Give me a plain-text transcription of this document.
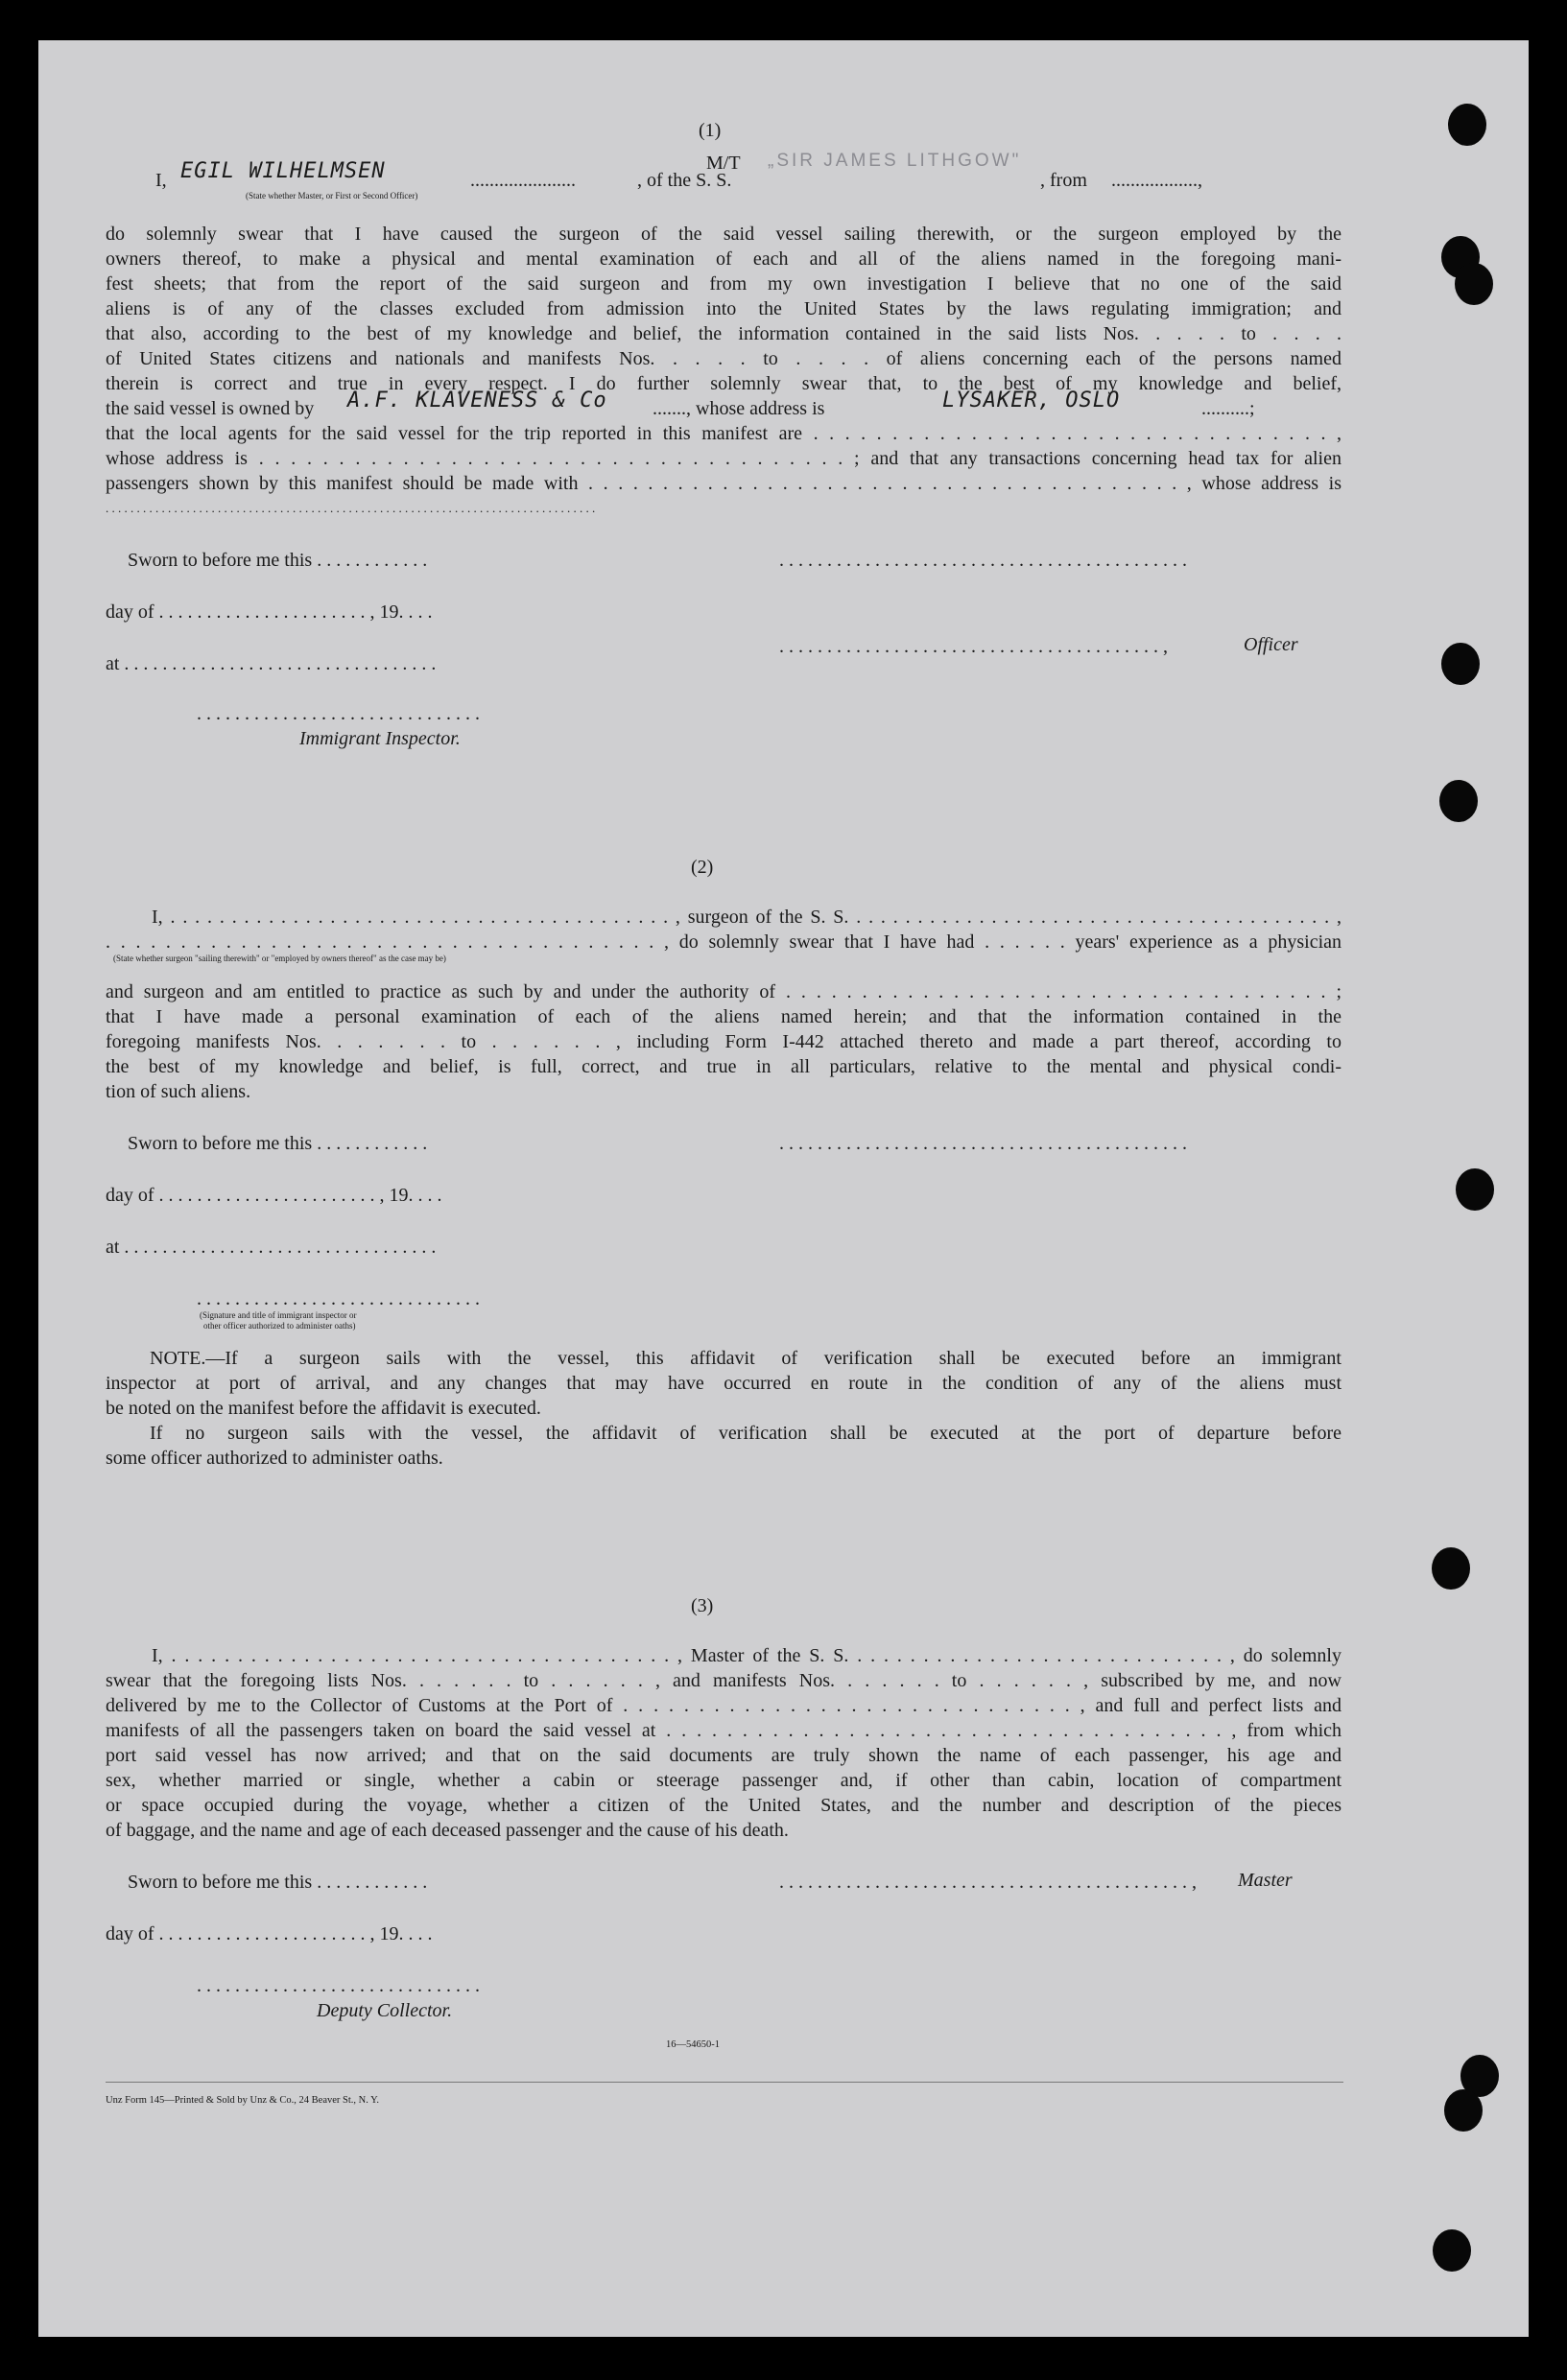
(1)
I, EGIL WILHELMSEN	......................
M/T
, of the S. S.
„SIR JAMES LITHGOW"
, from ..................,
(State whether Master, or First or Second Officer)
do solemnly swear that I have caused the surgeon of the said vessel sailing therewith, or the surgeon employed by the
owners thereof, to make a physical and mental examination of each and all of the aliens named in the foregoing mani-
fest sheets; that from the report of the said surgeon and from my own investigation I believe that no one of the said
aliens is of any of the classes excluded from admission into the United States by the laws regulating immigration; and
that also, according to the best of my knowledge and belief, the information contained in the said lists Nos. . . . . to . . . .
of United States citizens and nationals and manifests Nos. . . . . to . . . . of aliens concerning each of the persons named
therein is correct and true in every respect. I do further solemnly swear that, to the best of my knowledge and belief,
the said vessel is owned by A.F. KLAVENESS & Co ......., whose address is	LYSAKER, OSLO	..........;
that the local agents for the said vessel for the trip reported in this manifest are . . . . . . . . . . . . . . . . . . . . . . . . . . . . . . . . . ,
whose address is . . . . . . . . . . . . . . . . . . . . . . . . . . . . . . . . . . . . . ; and that any transactions concerning head tax for alien
passengers shown by this manifest should be made with . . . . . . . . . . . . . . . . . . . . . . . . . . . . . . . . . . . . . . . . , whose address is
. . . . . . . . . . . . . . . . . . . . . . . . . . . . . . . . . . . . . . . . . . . . . . . . . . . . . . . . . . . . . . . . . . . . . . . . . . . . . . .
Sworn to before me this . . . . . . . . . . . .	. . . . . . . . . . . . . . . . . . . . . . . . . . . . . . . . . . . . . . . . . . .
day of . . . . . . . . . . . . . . . . . . . . . . , 19. . . .
. . . . . . . . . . . . . . . . . . . . . . . . . . . . . . . . . . . . . . . . ,	Officer
at . . . . . . . . . . . . . . . . . . . . . . . . . . . . . . . . .
. . . . . . . . . . . . . . . . . . . . . . . . . . . . . .
Immigrant Inspector.
(2)
I, . . . . . . . . . . . . . . . . . . . . . . . . . . . . . . . . . . . . . . . . . , surgeon of the S. S. . . . . . . . . . . . . . . . . . . . . . . . . . . . . . . . . . . . . . . . ,
. . . . . . . . . . . . . . . . . . . . . . . . . . . . . . . . . . . . . , do solemnly swear that I have had . . . . . . years' experience as a physician
(State whether surgeon "sailing therewith" or "employed by owners thereof" as the case may be)
and surgeon and am entitled to practice as such by and under the authority of . . . . . . . . . . . . . . . . . . . . . . . . . . . . . . . . . . . . ;
that I have made a personal examination of each of the aliens named herein; and that the information contained in the
foregoing manifests Nos. . . . . . . to . . . . . . , including Form I-442 attached thereto and made a part thereof, according to
the best of my knowledge and belief, is full, correct, and true in all particulars, relative to the mental and physical condi-
tion of such aliens.
Sworn to before me this . . . . . . . . . . . .	. . . . . . . . . . . . . . . . . . . . . . . . . . . . . . . . . . . . . . . . . . .
day of . . . . . . . . . . . . . . . . . . . . . . . , 19. . . .
at . . . . . . . . . . . . . . . . . . . . . . . . . . . . . . . . .
. . . . . . . . . . . . . . . . . . . . . . . . . . . . . .
(Signature and title of immigrant inspector or
other officer authorized to administer oaths)
NOTE.—If a surgeon sails with the vessel, this affidavit of verification shall be executed before an immigrant
inspector at port of arrival, and any changes that may have occurred en route in the condition of any of the aliens must
be noted on the manifest before the affidavit is executed.
If no surgeon sails with the vessel, the affidavit of verification shall be executed at the port of departure before
some officer authorized to administer oaths.
(3)
I, . . . . . . . . . . . . . . . . . . . . . . . . . . . . . . . . . . . . . . , Master of the S. S. . . . . . . . . . . . . . . . . . . . . . . . . . . . . , do solemnly
swear that the foregoing lists Nos. . . . . . . to . . . . . . , and manifests Nos. . . . . . . to . . . . . . , subscribed by me, and now
delivered by me to the Collector of Customs at the Port of . . . . . . . . . . . . . . . . . . . . . . . . . . . . . . , and full and perfect lists and
manifests of all the passengers taken on board the said vessel at . . . . . . . . . . . . . . . . . . . . . . . . . . . . . . . . . . . . . , from which
port said vessel has now arrived; and that on the said documents are truly shown the name of each passenger, his age and
sex, whether married or single, whether a cabin or steerage passenger and, if other than cabin, location of compartment
or space occupied during the voyage, whether a citizen of the United States, and the number and description of the pieces
of baggage, and the name and age of each deceased passenger and the cause of his death.
Sworn to before me this . . . . . . . . . . . .	. . . . . . . . . . . . . . . . . . . . . . . . . . . . . . . . . . . . . . . . . . . , Master
day of . . . . . . . . . . . . . . . . . . . . . . , 19. . . .
. . . . . . . . . . . . . . . . . . . . . . . . . . . . . .
Deputy Collector.
16—54650-1
Unz Form 145—Printed & Sold by Unz & Co., 24 Beaver St., N. Y.
